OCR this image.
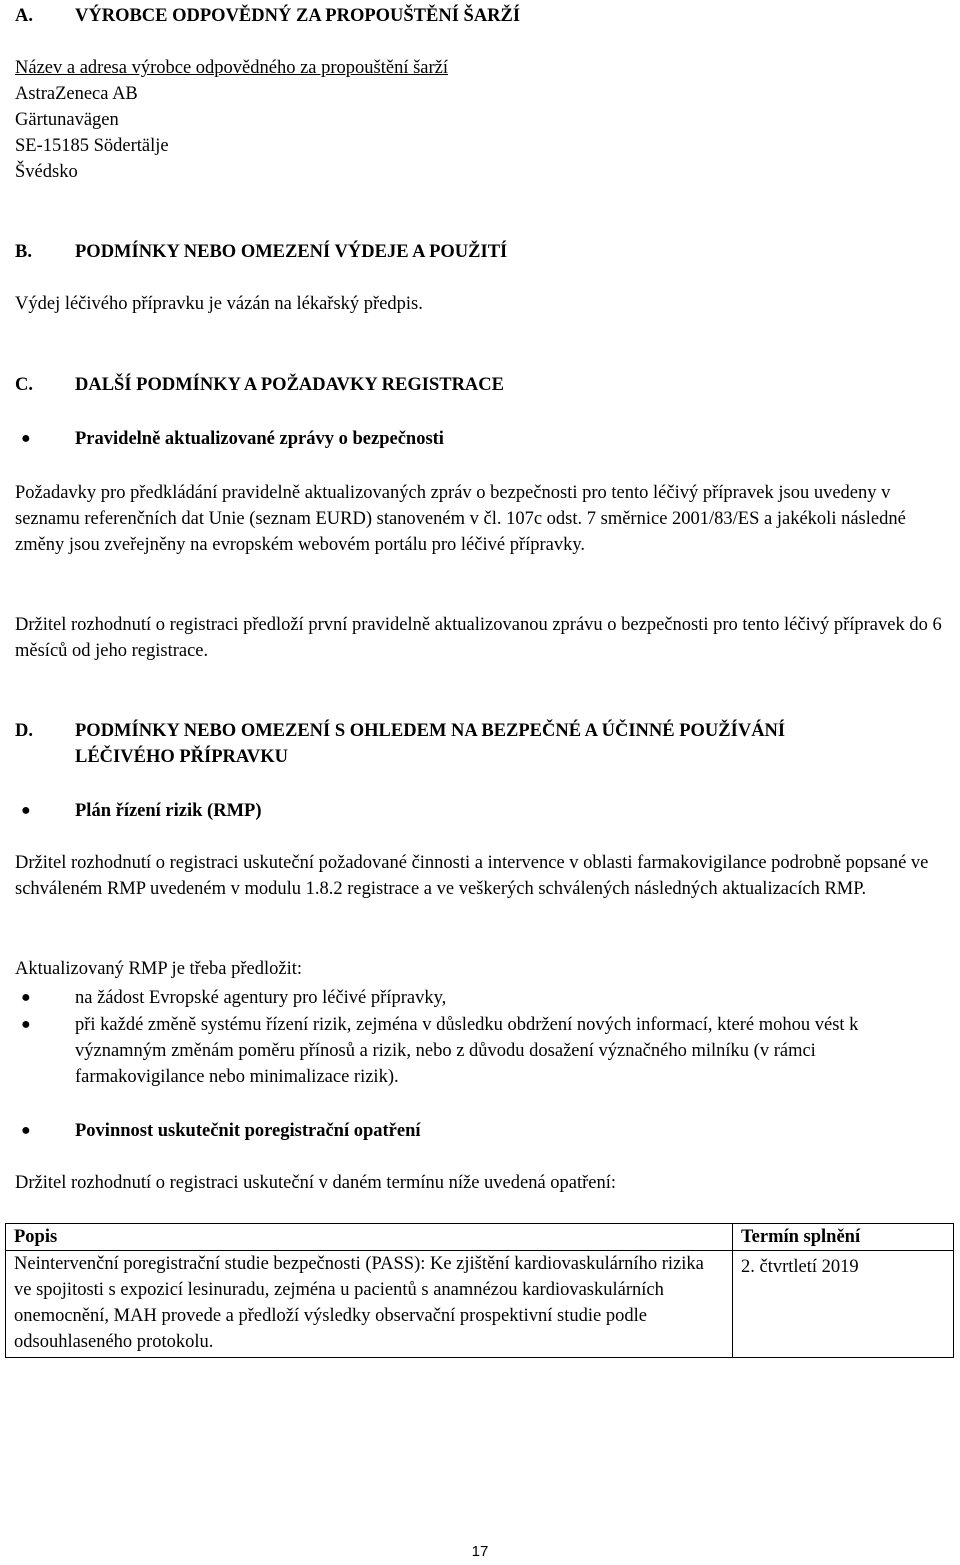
A. VÝROBCE ODPOVĚDNÝ ZA PROPOUŠTĚNÍ ŠARŽÍ
Název a adresa výrobce odpovědného za propouštění šarží
AstraZeneca AB
Gärtunavägen
SE-15185 Södertälje
Švédsko
B. PODMÍNKY NEBO OMEZENÍ VÝDEJE A POUŽITÍ
Výdej léčivého přípravku je vázán na lékařský předpis.
C. DALŠÍ PODMÍNKY A POŽADAVKY REGISTRACE
● Pravidelně aktualizované zprávy o bezpečnosti

Požadavky pro předkládání pravidelně aktualizovaných zpráv o bezpečnosti pro tento léčivý přípravek jsou uvedeny v seznamu referenčních dat Unie (seznam EURD) stanoveném v čl. 107c odst. 7 směrnice 2001/83/ES a jakékoli následné změny jsou zveřejněny na evropském webovém portálu pro léčivé přípravky.

Držitel rozhodnutí o registraci předloží první pravidelně aktualizovanou zprávu o bezpečnosti pro tento léčivý přípravek do 6 měsíců od jeho registrace.

D. PODMÍNKY NEBO OMEZENÍ S OHLEDEM NA BEZPEČNÉ A ÚČINNÉ POUŽÍVÁNÍ
LÉČIVÉHO PŘÍPRAVKU
● Plán řízení rizik (RMP)

Držitel rozhodnutí o registraci uskuteční požadované činnosti a intervence v oblasti farmakovigilance podrobně popsané ve schváleném RMP uvedeném v modulu 1.8.2 registrace a ve veškerých schválených následných aktualizacích RMP.

Aktualizovaný RMP je třeba předložit:
● na žádost Evropské agentury pro léčivé přípravky,
● při každé změně systému řízení rizik, zejména v důsledku obdržení nových informací, které mohou vést k významným změnám poměru přínosů a rizik, nebo z důvodu dosažení význačného milníku (v rámci farmakovigilance nebo minimalizace rizik).
● Povinnost uskutečnit poregistrační opatření
Držitel rozhodnutí o registraci uskuteční v daném termínu níže uvedená opatření:
Popis	Termín splnění
Neintervenční poregistrační studie bezpečnosti (PASS): Ke zjištění kardiovaskulárního rizika ve spojitosti s expozicí lesinuradu, zejména u pacientů s anamnézou kardiovaskulárních onemocnění, MAH provede a předloží výsledky observační prospektivní studie podle odsouhlaseného protokolu.	2. čtvrtletí 2019
17
